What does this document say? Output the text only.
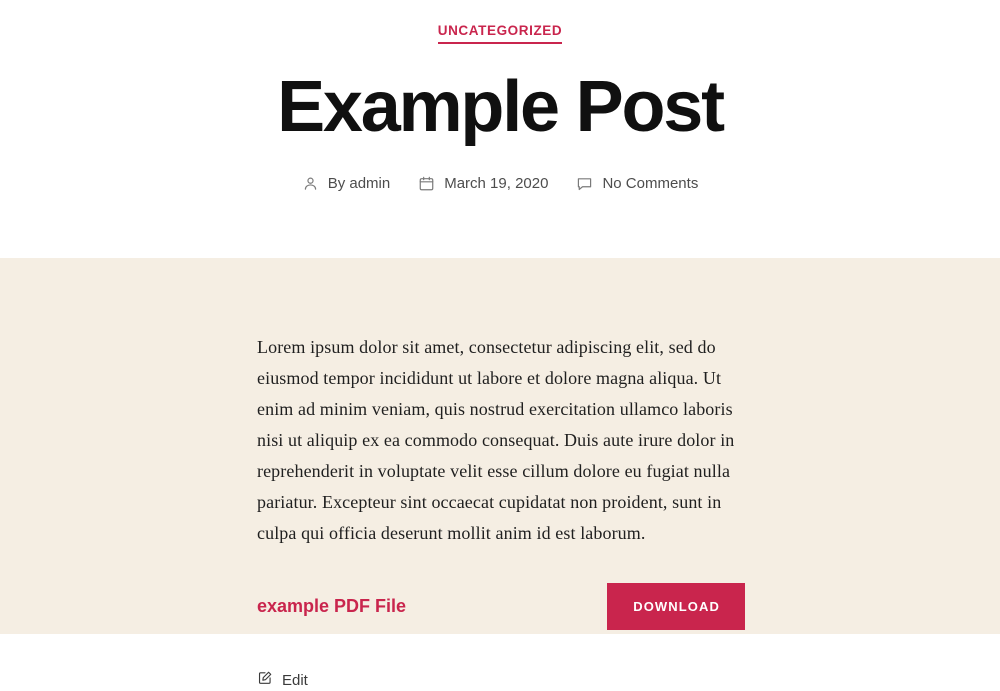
UNCATEGORIZED
Example Post
By admin	March 19, 2020	No Comments

Lorem ipsum dolor sit amet, consectetur adipiscing elit, sed do eiusmod tempor incididunt ut labore et dolore magna aliqua. Ut enim ad minim veniam, quis nostrud exercitation ullamco laboris nisi ut aliquip ex ea commodo consequat. Duis aute irure dolor in reprehenderit in voluptate velit esse cillum dolore eu fugiat nulla pariatur. Excepteur sint occaecat cupidatat non proident, sunt in culpa qui officia deserunt mollit anim id est laborum.

example PDF File	DOWNLOAD
Edit
